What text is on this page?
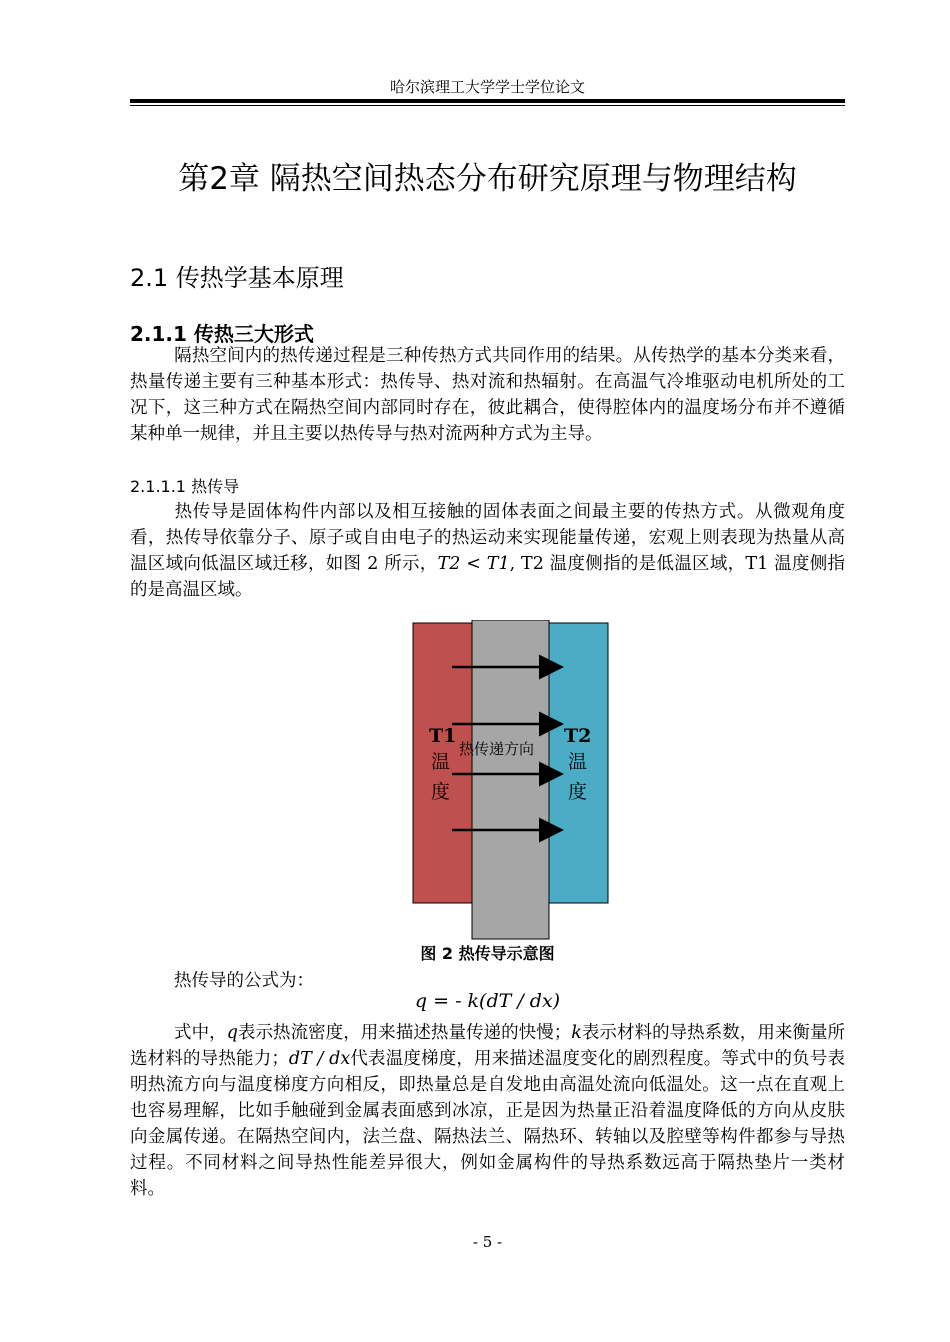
哈尔滨理工大学学士学位论文
第2章 隔热空间热态分布研究原理与物理结构
2.1 传热学基本原理
2.1.1 传热三大形式
隔热空间内的热传递过程是三种传热方式共同作用的结果。从传热学的基本分类来看，热量传递主要有三种基本形式：热传导、热对流和热辐射。在高温气冷堆驱动电机所处的工况下，这三种方式在隔热空间内部同时存在，彼此耦合，使得腔体内的温度场分布并不遵循某种单一规律，并且主要以热传导与热对流两种方式为主导。
2.1.1.1 热传导
热传导是固体构件内部以及相互接触的固体表面之间最主要的传热方式。从微观角度看，热传导依靠分子、原子或自由电子的热运动来实现能量传递，宏观上则表现为热量从高温区域向低温区域迁移，如图 2 所示，T2 < T1, T2 温度侧指的是低温区域，T1 温度侧指的是高温区域。
T1
温
度
T2
温
度
热传递方向
图 2 热传导示意图
热传导的公式为：
q = - k(dT / dx)
式中，q表示热流密度，用来描述热量传递的快慢；k表示材料的导热系数，用来衡量所选材料的导热能力；dT / dx代表温度梯度，用来描述温度变化的剧烈程度。等式中的负号表明热流方向与温度梯度方向相反，即热量总是自发地由高温处流向低温处。这一点在直观上也容易理解，比如手触碰到金属表面感到冰凉，正是因为热量正沿着温度降低的方向从皮肤向金属传递。在隔热空间内，法兰盘、隔热法兰、隔热环、转轴以及腔壁等构件都参与导热过程。不同材料之间导热性能差异很大，例如金属构件的导热系数远高于隔热垫片一类材料。
- 5 -
